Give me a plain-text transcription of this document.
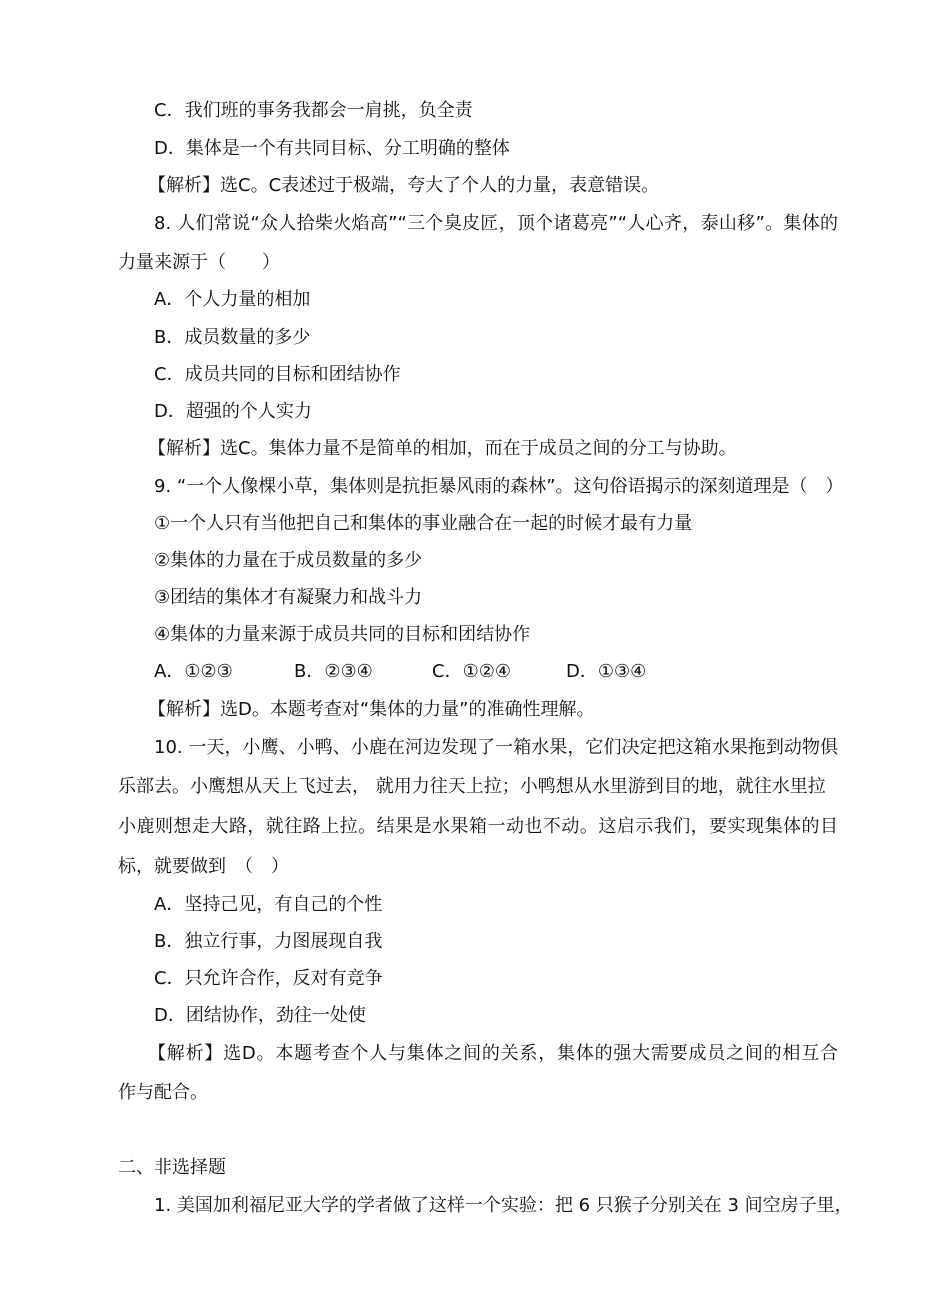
C．我们班的事务我都会一肩挑，负全责
D．集体是一个有共同目标、分工明确的整体
【解析】选C。C表述过于极端，夸大了个人的力量，表意错误。
8. 人们常说“众人拾柴火焰高”“三个臭皮匠，顶个诸葛亮”“人心齐，泰山移”。集体的
力量来源于（　　）
A．个人力量的相加
B．成员数量的多少
C．成员共同的目标和团结协作
D．超强的个人实力
【解析】选C。集体力量不是简单的相加，而在于成员之间的分工与协助。
9. “一个人像棵小草，集体则是抗拒暴风雨的森林”。这句俗语揭示的深刻道理是（　）
①一个人只有当他把自己和集体的事业融合在一起的时候才最有力量
②集体的力量在于成员数量的多少
③团结的集体才有凝聚力和战斗力
④集体的力量来源于成员共同的目标和团结协作
A．①②③	B．②③④	C．①②④	D．①③④
【解析】选D。本题考查对“集体的力量”的准确性理解。
10. 一天，小鹰、小鸭、小鹿在河边发现了一箱水果，它们决定把这箱水果拖到动物俱
乐部去。小鹰想从天上飞过去， 就用力往天上拉；小鸭想从水里游到目的地，就往水里拉
小鹿则想走大路，就往路上拉。结果是水果箱一动也不动。这启示我们，要实现集体的目
标，就要做到　（　）
A．坚持己见，有自己的个性
B．独立行事，力图展现自我
C．只允许合作，反对有竞争
D．团结协作，劲往一处使
【解析】选D。本题考查个人与集体之间的关系，集体的强大需要成员之间的相互合
作与配合。
二、非选择题
1. 美国加利福尼亚大学的学者做了这样一个实验：把 6 只猴子分别关在 3 间空房子里，
